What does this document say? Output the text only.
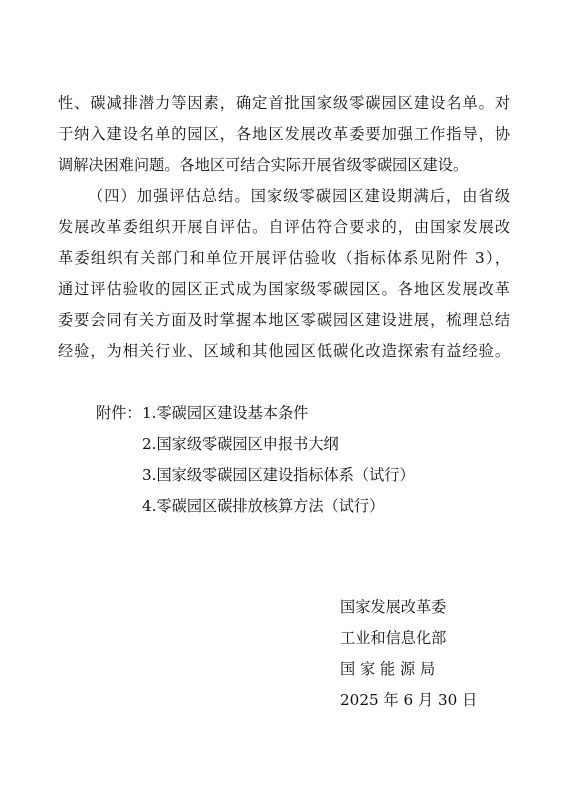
性、碳减排潜力等因素，确定首批国家级零碳园区建设名单。对
于纳入建设名单的园区，各地区发展改革委要加强工作指导，协
调解决困难问题。各地区可结合实际开展省级零碳园区建设。
（四）加强评估总结。国家级零碳园区建设期满后，由省级
发展改革委组织开展自评估。自评估符合要求的，由国家发展改
革委组织有关部门和单位开展评估验收（指标体系见附件 3），
通过评估验收的园区正式成为国家级零碳园区。各地区发展改革
委要会同有关方面及时掌握本地区零碳园区建设进展，梳理总结
经验，为相关行业、区域和其他园区低碳化改造探索有益经验。
附件： 1.零碳园区建设基本条件
2.国家级零碳园区申报书大纲
3.国家级零碳园区建设指标体系（试行）
4.零碳园区碳排放核算方法（试行）
国家发展改革委
工业和信息化部
国 家 能 源 局
2025 年 6 月 30 日
